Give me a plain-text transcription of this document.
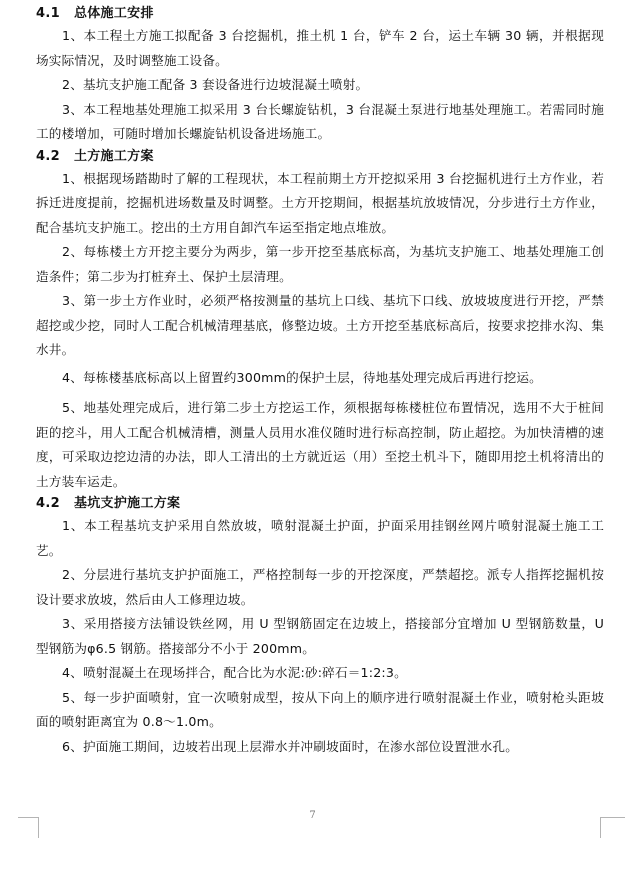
4.1 总体施工安排

1、本工程土方施工拟配备 3 台挖掘机，推土机 1 台，铲车 2 台，运土车辆 30 辆，并根据现场实际情况，及时调整施工设备。

2、基坑支护施工配备 3 套设备进行边坡混凝土喷射。

3、本工程地基处理施工拟采用 3 台长螺旋钻机，3 台混凝土泵进行地基处理施工。若需同时施工的楼增加，可随时增加长螺旋钻机设备进场施工。

4.2 土方施工方案

1、根据现场踏勘时了解的工程现状，本工程前期土方开挖拟采用 3 台挖掘机进行土方作业，若拆迁进度提前，挖掘机进场数量及时调整。土方开挖期间，根据基坑放坡情况，分步进行土方作业，配合基坑支护施工。挖出的土方用自卸汽车运至指定地点堆放。

2、每栋楼土方开挖主要分为两步，第一步开挖至基底标高，为基坑支护施工、地基处理施工创造条件；第二步为打桩弃土、保护土层清理。

3、第一步土方作业时，必须严格按测量的基坑上口线、基坑下口线、放坡坡度进行开挖，严禁超挖或少挖，同时人工配合机械清理基底，修整边坡。土方开挖至基底标高后，按要求挖排水沟、集水井。

4、每栋楼基底标高以上留置约300mm的保护土层，待地基处理完成后再进行挖运。

5、地基处理完成后，进行第二步土方挖运工作，须根据每栋楼桩位布置情况，选用不大于桩间距的挖斗，用人工配合机械清槽，测量人员用水准仪随时进行标高控制，防止超挖。为加快清槽的速度，可采取边挖边清的办法，即人工清出的土方就近运（用）至挖土机斗下，随即用挖土机将清出的土方装车运走。

4.2 基坑支护施工方案

1、本工程基坑支护采用自然放坡，喷射混凝土护面，护面采用挂钢丝网片喷射混凝土施工工艺。

2、分层进行基坑支护护面施工，严格控制每一步的开挖深度，严禁超挖。派专人指挥挖掘机按设计要求放坡，然后由人工修理边坡。

3、采用搭接方法铺设铁丝网，用 U 型钢筋固定在边坡上，搭接部分宜增加 U 型钢筋数量，U 型钢筋为φ6.5 钢筋。搭接部分不小于 200mm。

4、喷射混凝土在现场拌合，配合比为水泥:砂:碎石＝1:2:3。

5、每一步护面喷射，宜一次喷射成型，按从下向上的顺序进行喷射混凝土作业，喷射枪头距坡面的喷射距离宜为 0.8～1.0m。

6、护面施工期间，边坡若出现上层滞水并冲刷坡面时，在渗水部位设置泄水孔。

7
